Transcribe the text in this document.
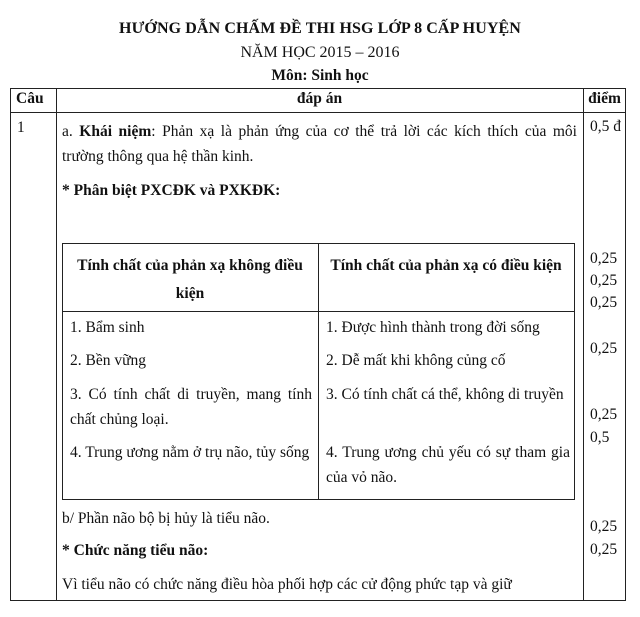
HƯỚNG DẪN CHẤM ĐỀ THI HSG LỚP 8 CẤP HUYỆN
NĂM HỌC 2015 – 2016
Môn: Sinh học
Câu	đáp án	điểm
1 a. Khái niệm: Phản xạ là phản ứng của cơ thể trả lời các kích thích của môi trường thông qua hệ thần kinh.
* Phân biệt PXCĐK và PXKĐK:
Tính chất của phản xạ không điều kiện
Tính chất của phản xạ có điều kiện
1. Bẩm sinh
2. Bền vững
3. Có tính chất di truyền, mang tính chất chủng loại.
4. Trung ương nằm ở trụ não, tủy sống
1. Được hình thành trong đời sống
2. Dễ mất khi không củng cố
3. Có tính chất cá thể, không di truyền
4. Trung ương chủ yếu có sự tham gia của vỏ não.
b/ Phần não bộ bị hủy là tiểu não.
* Chức năng tiểu não:
Vì tiểu não có chức năng điều hòa phối hợp các cử động phức tạp và giữ
0,5 đ
0,25
0,25
0,25
0,25
0,25
0,5
0,25
0,25
